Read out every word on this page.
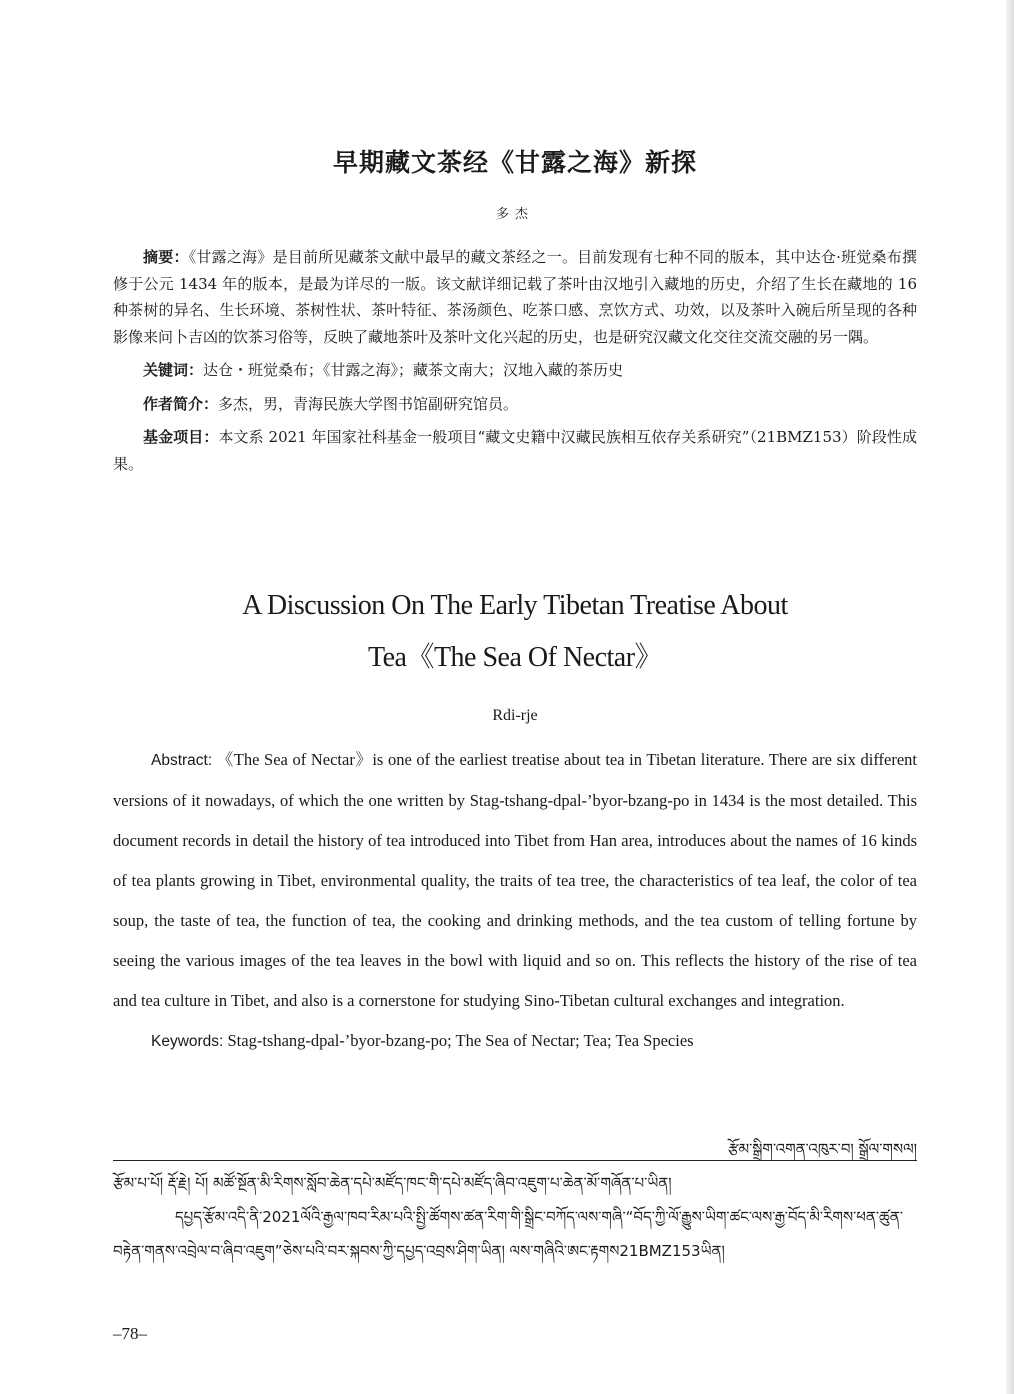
早期藏文茶经《甘露之海》新探
多杰

摘要：《甘露之海》是目前所见藏茶文献中最早的藏文茶经之一。目前发现有七种不同的版本，其中达仓·班觉桑布撰修于公元 1434 年的版本，是最为详尽的一版。该文献详细记载了茶叶由汉地引入藏地的历史，介绍了生长在藏地的 16 种茶树的异名、生长环境、茶树性状、茶叶特征、茶汤颜色、吃茶口感、烹饮方式、功效，以及茶叶入碗后所呈现的各种影像来问卜吉凶的饮茶习俗等，反映了藏地茶叶及茶叶文化兴起的历史，也是研究汉藏文化交往交流交融的另一隅。

关键词：达仓・班觉桑布；《甘露之海》；藏茶文南大；汉地入藏的茶历史

作者简介：多杰，男，青海民族大学图书馆副研究馆员。

基金项目：本文系 2021 年国家社科基金一般项目“藏文史籍中汉藏民族相互依存关系研究”（21BMZ153）阶段性成果。

A Discussion On The Early Tibetan Treatise About
Tea《The Sea Of Nectar》
Rdi-rje

Abstract: 《The Sea of Nectar》is one of the earliest treatise about tea in Tibetan literature. There are six different versions of it nowadays, of which the one written by Stag-tshang-dpal-’byor-bzang-po in 1434 is the most detailed. This document records in detail the history of tea introduced into Tibet from Han area, introduces about the names of 16 kinds of tea plants growing in Tibet, environmental quality, the traits of tea tree, the characteristics of tea leaf, the color of tea soup, the taste of tea, the function of tea, the cooking and drinking methods, and the tea custom of telling fortune by seeing the various images of the tea leaves in the bowl with liquid and so on. This reflects the history of the rise of tea and tea culture in Tibet, and also is a cornerstone for studying Sino-Tibetan cultural exchanges and integration.

Keywords: Stag-tshang-dpal-’byor-bzang-po; The Sea of Nectar; Tea; Tea Species

རྩོམ་སྒྲིག་འགན་འཁུར་བ། སྒྲོལ་གསལ།

རྩོམ་པ་པོ། རྡོ་རྗེ། པོ། མཚོ་སྔོན་མི་རིགས་སློབ་ཆེན་དཔེ་མཛོད་ཁང་གི་དཔེ་མཛོད་ཞིབ་འཇུག་པ་ཆེན་མོ་གཞོན་པ་ཡིན།

དཔྱད་རྩོམ་འདི་ནི་2021ལོའི་རྒྱལ་ཁབ་རིམ་པའི་སྤྱི་ཚོགས་ཚན་རིག་གི་སྒྲིང་བཀོད་ལས་གཞི་“བོད་ཀྱི་ལོ་རྒྱུས་ཡིག་ཚང་ལས་རྒྱ་བོད་མི་རིགས་ཕན་ཚུན་བརྟེན་གནས་འབྲེལ་བ་ཞིབ་འཇུག”ཅེས་པའི་བར་སྐབས་ཀྱི་དཔྱད་འབྲས་ཤིག་ཡིན། ལས་གཞིའི་ཨང་རྟགས21BMZ153ཡིན།

–78–
